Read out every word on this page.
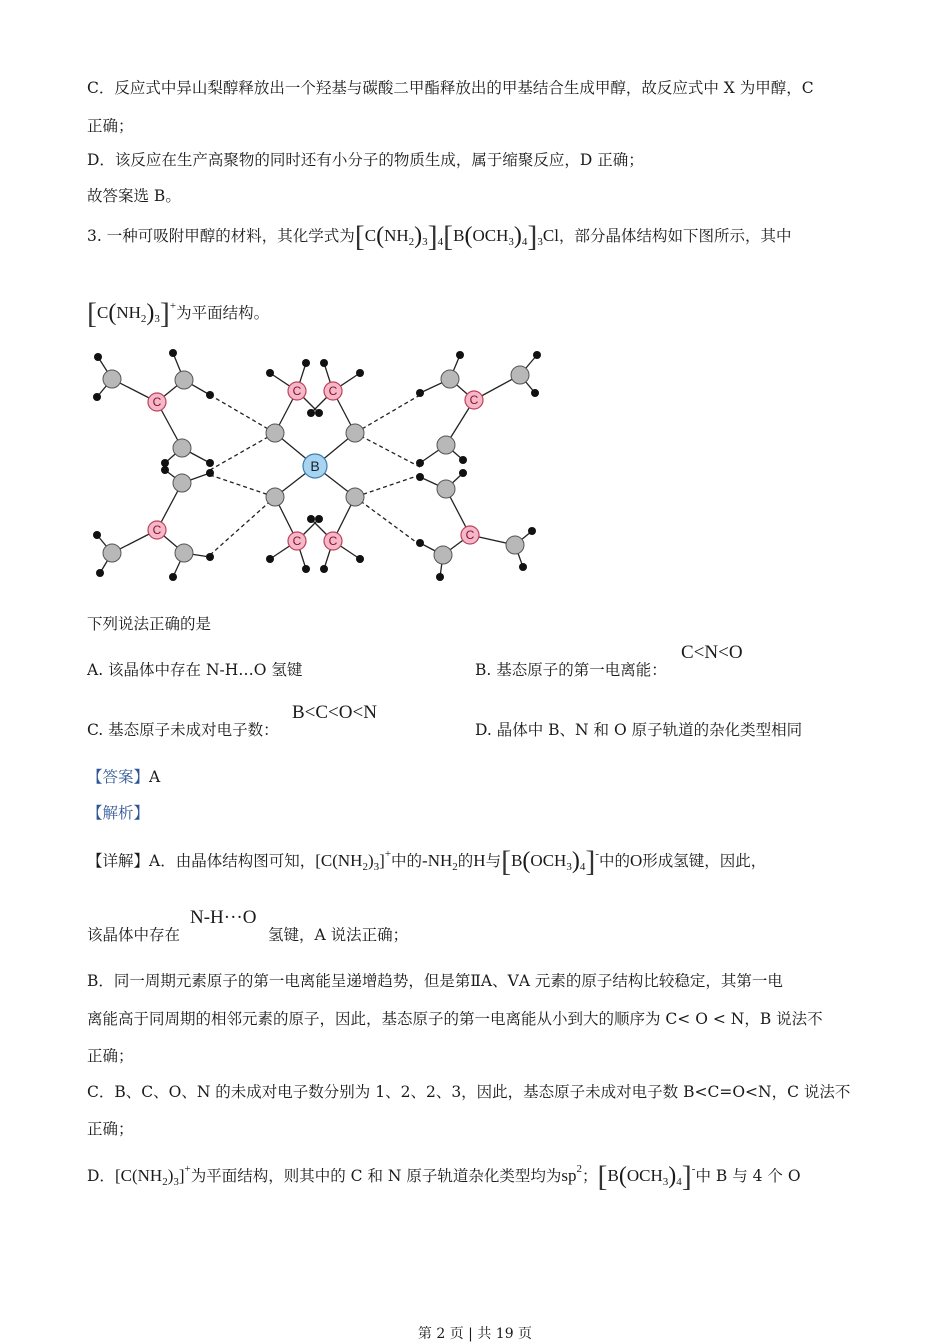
C．反应式中异山梨醇释放出一个羟基与碳酸二甲酯释放出的甲基结合生成甲醇，故反应式中 X 为甲醇，C
正确；
D．该反应在生产高聚物的同时还有小分子的物质生成，属于缩聚反应，D 正确；
故答案选 B。
3. 一种可吸附甲醇的材料，其化学式为$[C(NH_2)_3]_4[B(OCH_3)_4]_3Cl$，部分晶体结构如下图所示，其中
$[C(NH_2)_3]^+$为平面结构。
C
C
C
C
C C
C C
B
下列说法正确的是
A. 该晶体中存在 N-H…O 氢键	B. 基态原子的第一电离能：
C<N<O
C. 基态原子未成对电子数：
B<C<O<N
D. 晶体中 B、N 和 O 原子轨道的杂化类型相同
【答案】A
【解析】
【详解】A．由晶体结构图可知，$[C(NH_2)_3]^+$中的$-NH_2$的H与$[B(OCH_3)_4]^-$中的O形成氢键，因此，
该晶体中存在
N-H···O
氢键，A 说法正确；
B．同一周期元素原子的第一电离能呈递增趋势，但是第ⅡA、ⅤA 元素的原子结构比较稳定，其第一电
离能高于同周期的相邻元素的原子，因此，基态原子的第一电离能从小到大的顺序为 C< O < N，B 说法不
正确；
C．B、C、O、N 的未成对电子数分别为 1、2、2、3，因此，基态原子未成对电子数 B<C=O<N，C 说法不
正确；
D．$[C(NH_2)_3]^+$为平面结构，则其中的 C 和 N 原子轨道杂化类型均为$sp^2$；$[B(OCH_3)_4]^-$中 B 与 4 个 O
第 2 页 | 共 19 页
